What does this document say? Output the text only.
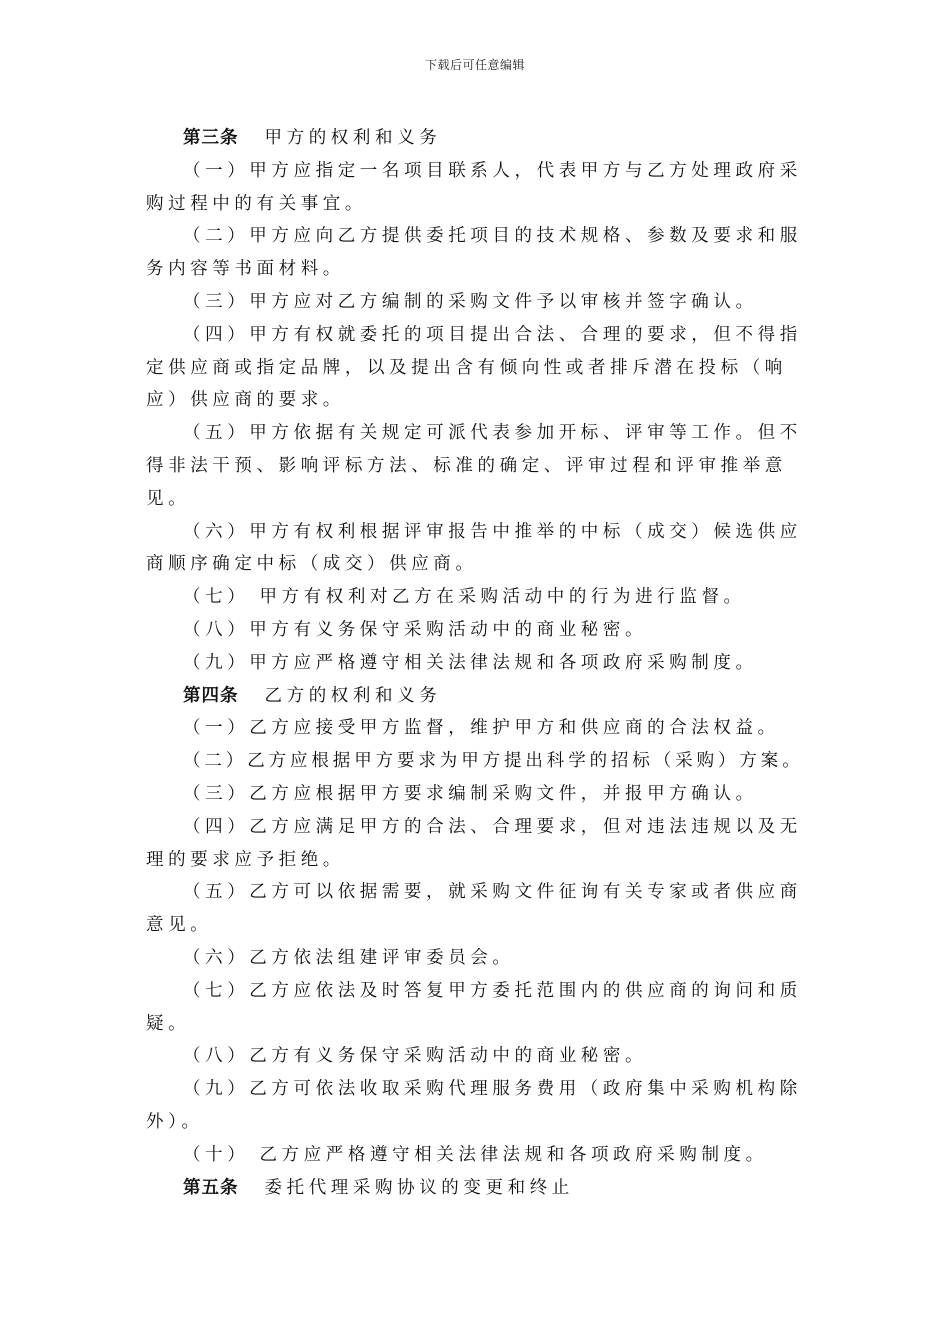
下载后可任意编辑
第三条 甲方的权利和义务
（一）甲方应指定一名项目联系人，代表甲方与乙方处理政府采
购过程中的有关事宜。
（二）甲方应向乙方提供委托项目的技术规格、参数及要求和服
务内容等书面材料。
（三）甲方应对乙方编制的采购文件予以审核并签字确认。
（四）甲方有权就委托的项目提出合法、合理的要求，但不得指
定供应商或指定品牌，以及提出含有倾向性或者排斥潜在投标（响
应）供应商的要求。
（五）甲方依据有关规定可派代表参加开标、评审等工作。但不
得非法干预、影响评标方法、标准的确定、评审过程和评审推举意
见。
（六）甲方有权利根据评审报告中推举的中标（成交）候选供应
商顺序确定中标（成交）供应商。
（七） 甲方有权利对乙方在采购活动中的行为进行监督。
（八）甲方有义务保守采购活动中的商业秘密。
（九）甲方应严格遵守相关法律法规和各项政府采购制度。
第四条 乙方的权利和义务
（一）乙方应接受甲方监督，维护甲方和供应商的合法权益。
（二）乙方应根据甲方要求为甲方提出科学的招标（采购）方案。
（三）乙方应根据甲方要求编制采购文件，并报甲方确认。
（四）乙方应满足甲方的合法、合理要求，但对违法违规以及无
理的要求应予拒绝。
（五）乙方可以依据需要，就采购文件征询有关专家或者供应商
意见。
（六）乙方依法组建评审委员会。
（七）乙方应依法及时答复甲方委托范围内的供应商的询问和质
疑。
（八）乙方有义务保守采购活动中的商业秘密。
（九）乙方可依法收取采购代理服务费用（政府集中采购机构除
外）。
（十） 乙方应严格遵守相关法律法规和各项政府采购制度。
第五条 委托代理采购协议的变更和终止
